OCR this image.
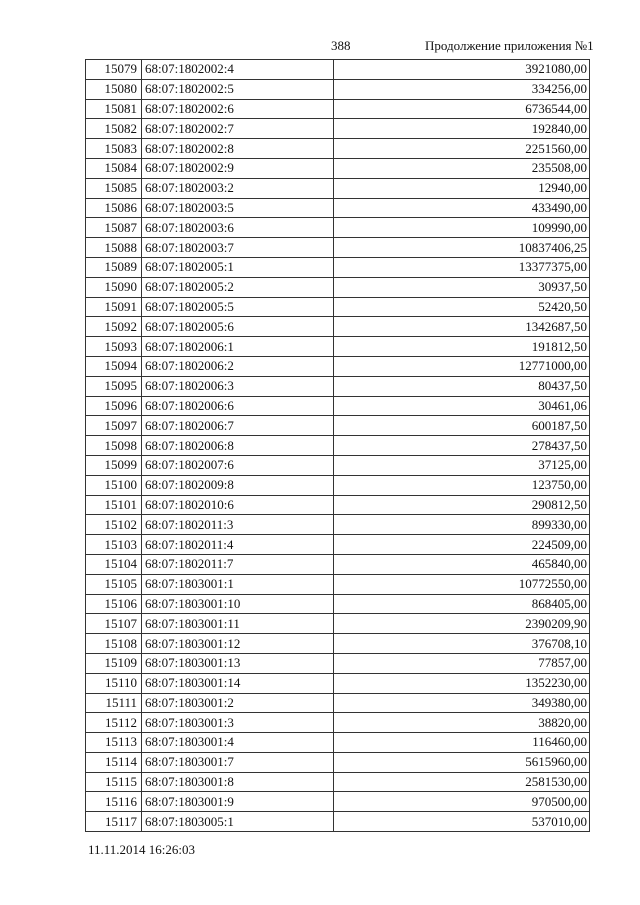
388	Продолжение приложения №1
15079	68:07:1802002:4	3921080,00
15080	68:07:1802002:5	334256,00
15081	68:07:1802002:6	6736544,00
15082	68:07:1802002:7	192840,00
15083	68:07:1802002:8	2251560,00
15084	68:07:1802002:9	235508,00
15085	68:07:1802003:2	12940,00
15086	68:07:1802003:5	433490,00
15087	68:07:1802003:6	109990,00
15088	68:07:1802003:7	10837406,25
15089	68:07:1802005:1	13377375,00
15090	68:07:1802005:2	30937,50
15091	68:07:1802005:5	52420,50
15092	68:07:1802005:6	1342687,50
15093	68:07:1802006:1	191812,50
15094	68:07:1802006:2	12771000,00
15095	68:07:1802006:3	80437,50
15096	68:07:1802006:6	30461,06
15097	68:07:1802006:7	600187,50
15098	68:07:1802006:8	278437,50
15099	68:07:1802007:6	37125,00
15100	68:07:1802009:8	123750,00
15101	68:07:1802010:6	290812,50
15102	68:07:1802011:3	899330,00
15103	68:07:1802011:4	224509,00
15104	68:07:1802011:7	465840,00
15105	68:07:1803001:1	10772550,00
15106	68:07:1803001:10	868405,00
15107	68:07:1803001:11	2390209,90
15108	68:07:1803001:12	376708,10
15109	68:07:1803001:13	77857,00
15110	68:07:1803001:14	1352230,00
15111	68:07:1803001:2	349380,00
15112	68:07:1803001:3	38820,00
15113	68:07:1803001:4	116460,00
15114	68:07:1803001:7	5615960,00
15115	68:07:1803001:8	2581530,00
15116	68:07:1803001:9	970500,00
15117	68:07:1803005:1	537010,00
11.11.2014 16:26:03
